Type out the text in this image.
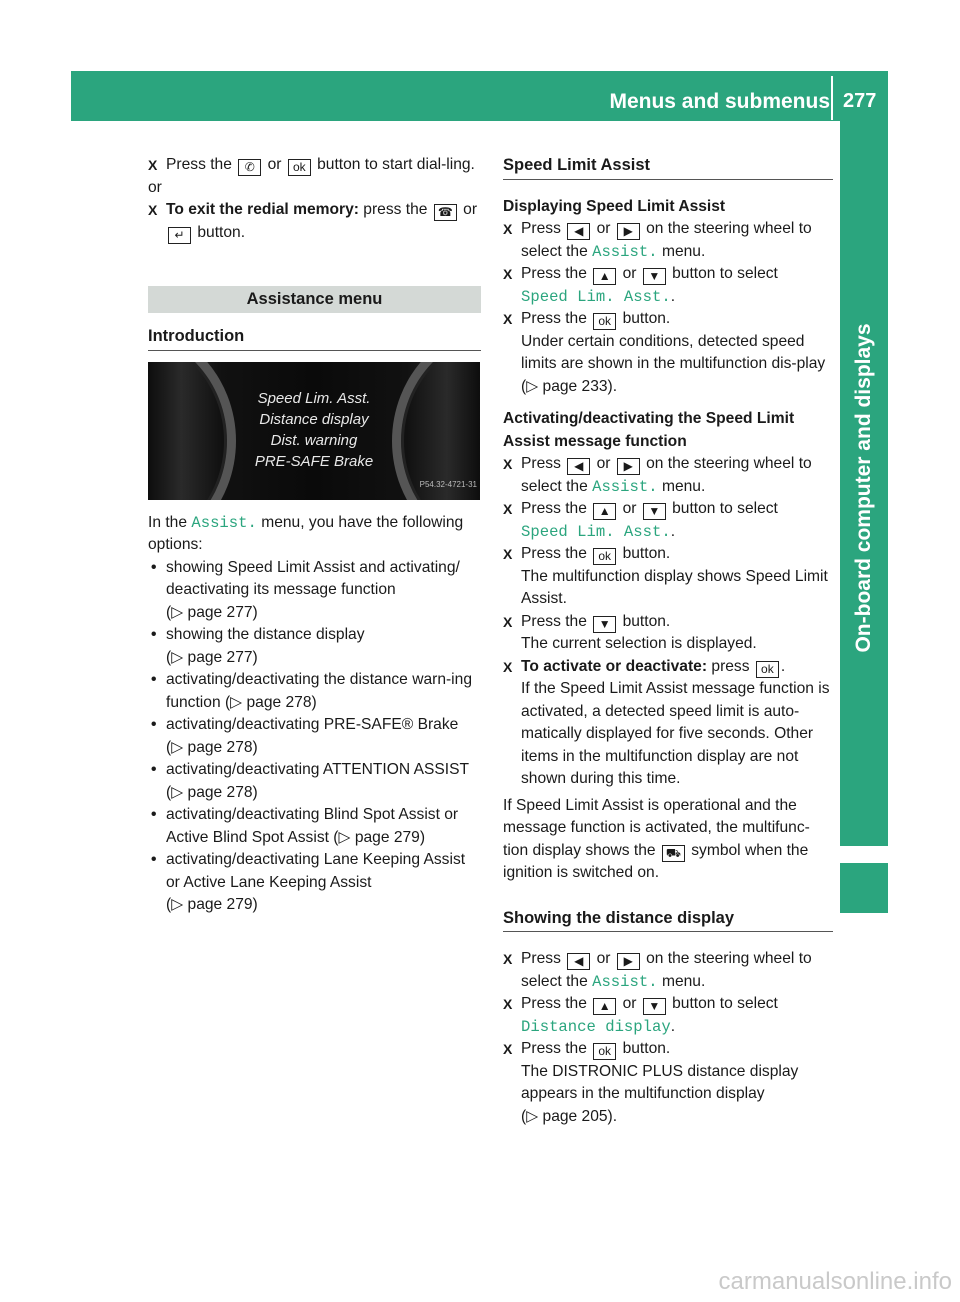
Menus and submenus 277
On-board computer and displays

X Press the ✆ or ok button to start dial-ling.

or

X To exit the redial memory: press the ☎ or ↵ button.

Assistance menu
Introduction
Speed Lim. Asst.
Distance display
Dist. warning
PRE-SAFE Brake
P54.32-4721-31

In the Assist. menu, you have the following options:

• showing Speed Limit Assist and activating/ deactivating its message function
(▷ page 277)

• showing the distance display
(▷ page 277)

• activating/deactivating the distance warn-ing function (▷ page 278)

• activating/deactivating PRE-SAFE® Brake
(▷ page 278)

• activating/deactivating ATTENTION ASSIST (▷ page 278)

• activating/deactivating Blind Spot Assist or Active Blind Spot Assist (▷ page 279)

• activating/deactivating Lane Keeping Assist or Active Lane Keeping Assist
(▷ page 279)

Speed Limit Assist

Displaying Speed Limit Assist

X Press ◀ or ▶ on the steering wheel to select the Assist. menu.

X Press the ▲ or ▼ button to select
Speed Lim. Asst..

X Press the ok button.
Under certain conditions, detected speed limits are shown in the multifunction dis-play (▷ page 233).

Activating/deactivating the Speed Limit Assist message function

X Press ◀ or ▶ on the steering wheel to select the Assist. menu.

X Press the ▲ or ▼ button to select
Speed Lim. Asst..

X Press the ok button.
The multifunction display shows Speed Limit Assist.

X Press the ▼ button.
The current selection is displayed.

X To activate or deactivate: press ok .
If the Speed Limit Assist message function is activated, a detected speed limit is auto-matically displayed for five seconds. Other items in the multifunction display are not shown during this time.

If Speed Limit Assist is operational and the message function is activated, the multifunc-tion display shows the ⛟ symbol when the ignition is switched on.

Showing the distance display

X Press ◀ or ▶ on the steering wheel to select the Assist. menu.

X Press the ▲ or ▼ button to select
Distance display.

X Press the ok button.
The DISTRONIC PLUS distance display appears in the multifunction display
(▷ page 205).

carmanualsonline.info
